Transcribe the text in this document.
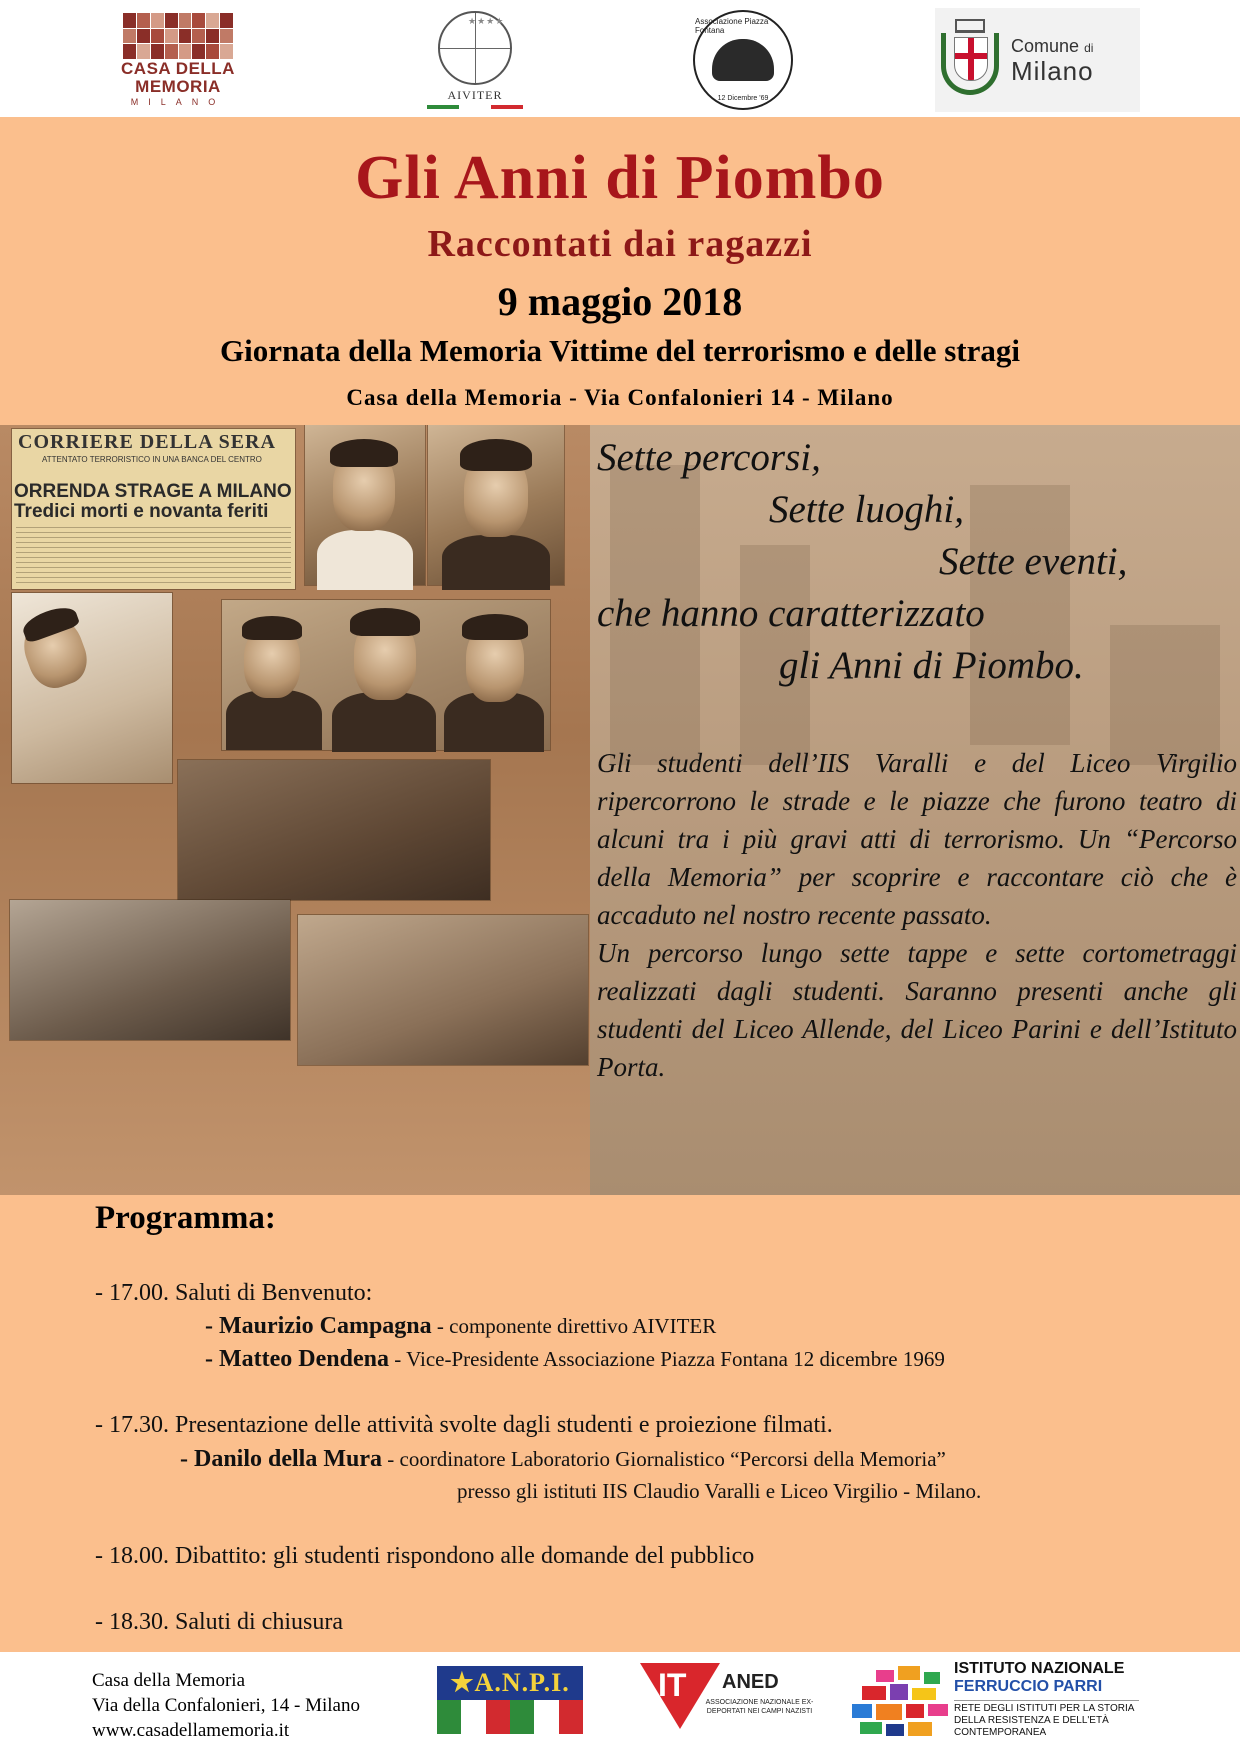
CASA DELLA
MEMORIA
MILANO
★★★★
AIVITER
Associazione Piazza Fontana
12 Dicembre '69
Comune di
Milano
Gli Anni di Piombo
Raccontati dai ragazzi
9 maggio 2018
Giornata della Memoria Vittime del terrorismo e delle stragi
Casa della Memoria - Via Confalonieri 14 - Milano
CORRIERE DELLA SERA
ATTENTATO TERRORISTICO IN UNA BANCA DEL CENTRO
ORRENDA STRAGE A MILANO
Tredici morti e novanta feriti
Sette percorsi,
Sette luoghi,
Sette eventi,
che hanno caratterizzato
gli Anni di Piombo.
Gli studenti dell’IIS Varalli e del Liceo Virgilio ripercorrono le strade e le piazze che furono teatro di alcuni tra i più gravi atti di terrorismo. Un “Percorso della Memoria” per scoprire e raccontare ciò che è accaduto nel nostro recente passato.
Un percorso lungo sette tappe e sette cortometraggi realizzati dagli studenti. Saranno presenti anche gli studenti del Liceo Allende, del Liceo Parini e dell’Istituto Porta.
Programma:
- 17.00. Saluti di Benvenuto:
- Maurizio Campagna - componente direttivo AIVITER
- Matteo Dendena - Vice-Presidente Associazione Piazza Fontana 12 dicembre 1969
- 17.30. Presentazione delle attività svolte dagli studenti e proiezione filmati.
- Danilo della Mura - coordinatore Laboratorio Giornalistico “Percorsi della Memoria”
presso gli istituti IIS Claudio Varalli e Liceo Virgilio - Milano.
- 18.00. Dibattito: gli studenti rispondono alle domande del pubblico
- 18.30. Saluti di chiusura
Casa della Memoria
Via della Confalonieri, 14 - Milano
www.casadellamemoria.it
★A.N.P.I.	IT ANED
ASSOCIAZIONE NAZIONALE EX-DEPORTATI NEI CAMPI NAZISTI
ISTITUTO NAZIONALE
FERRUCCIO PARRI
RETE DEGLI ISTITUTI PER LA STORIA DELLA RESISTENZA E DELL'ETÀ CONTEMPORANEA
